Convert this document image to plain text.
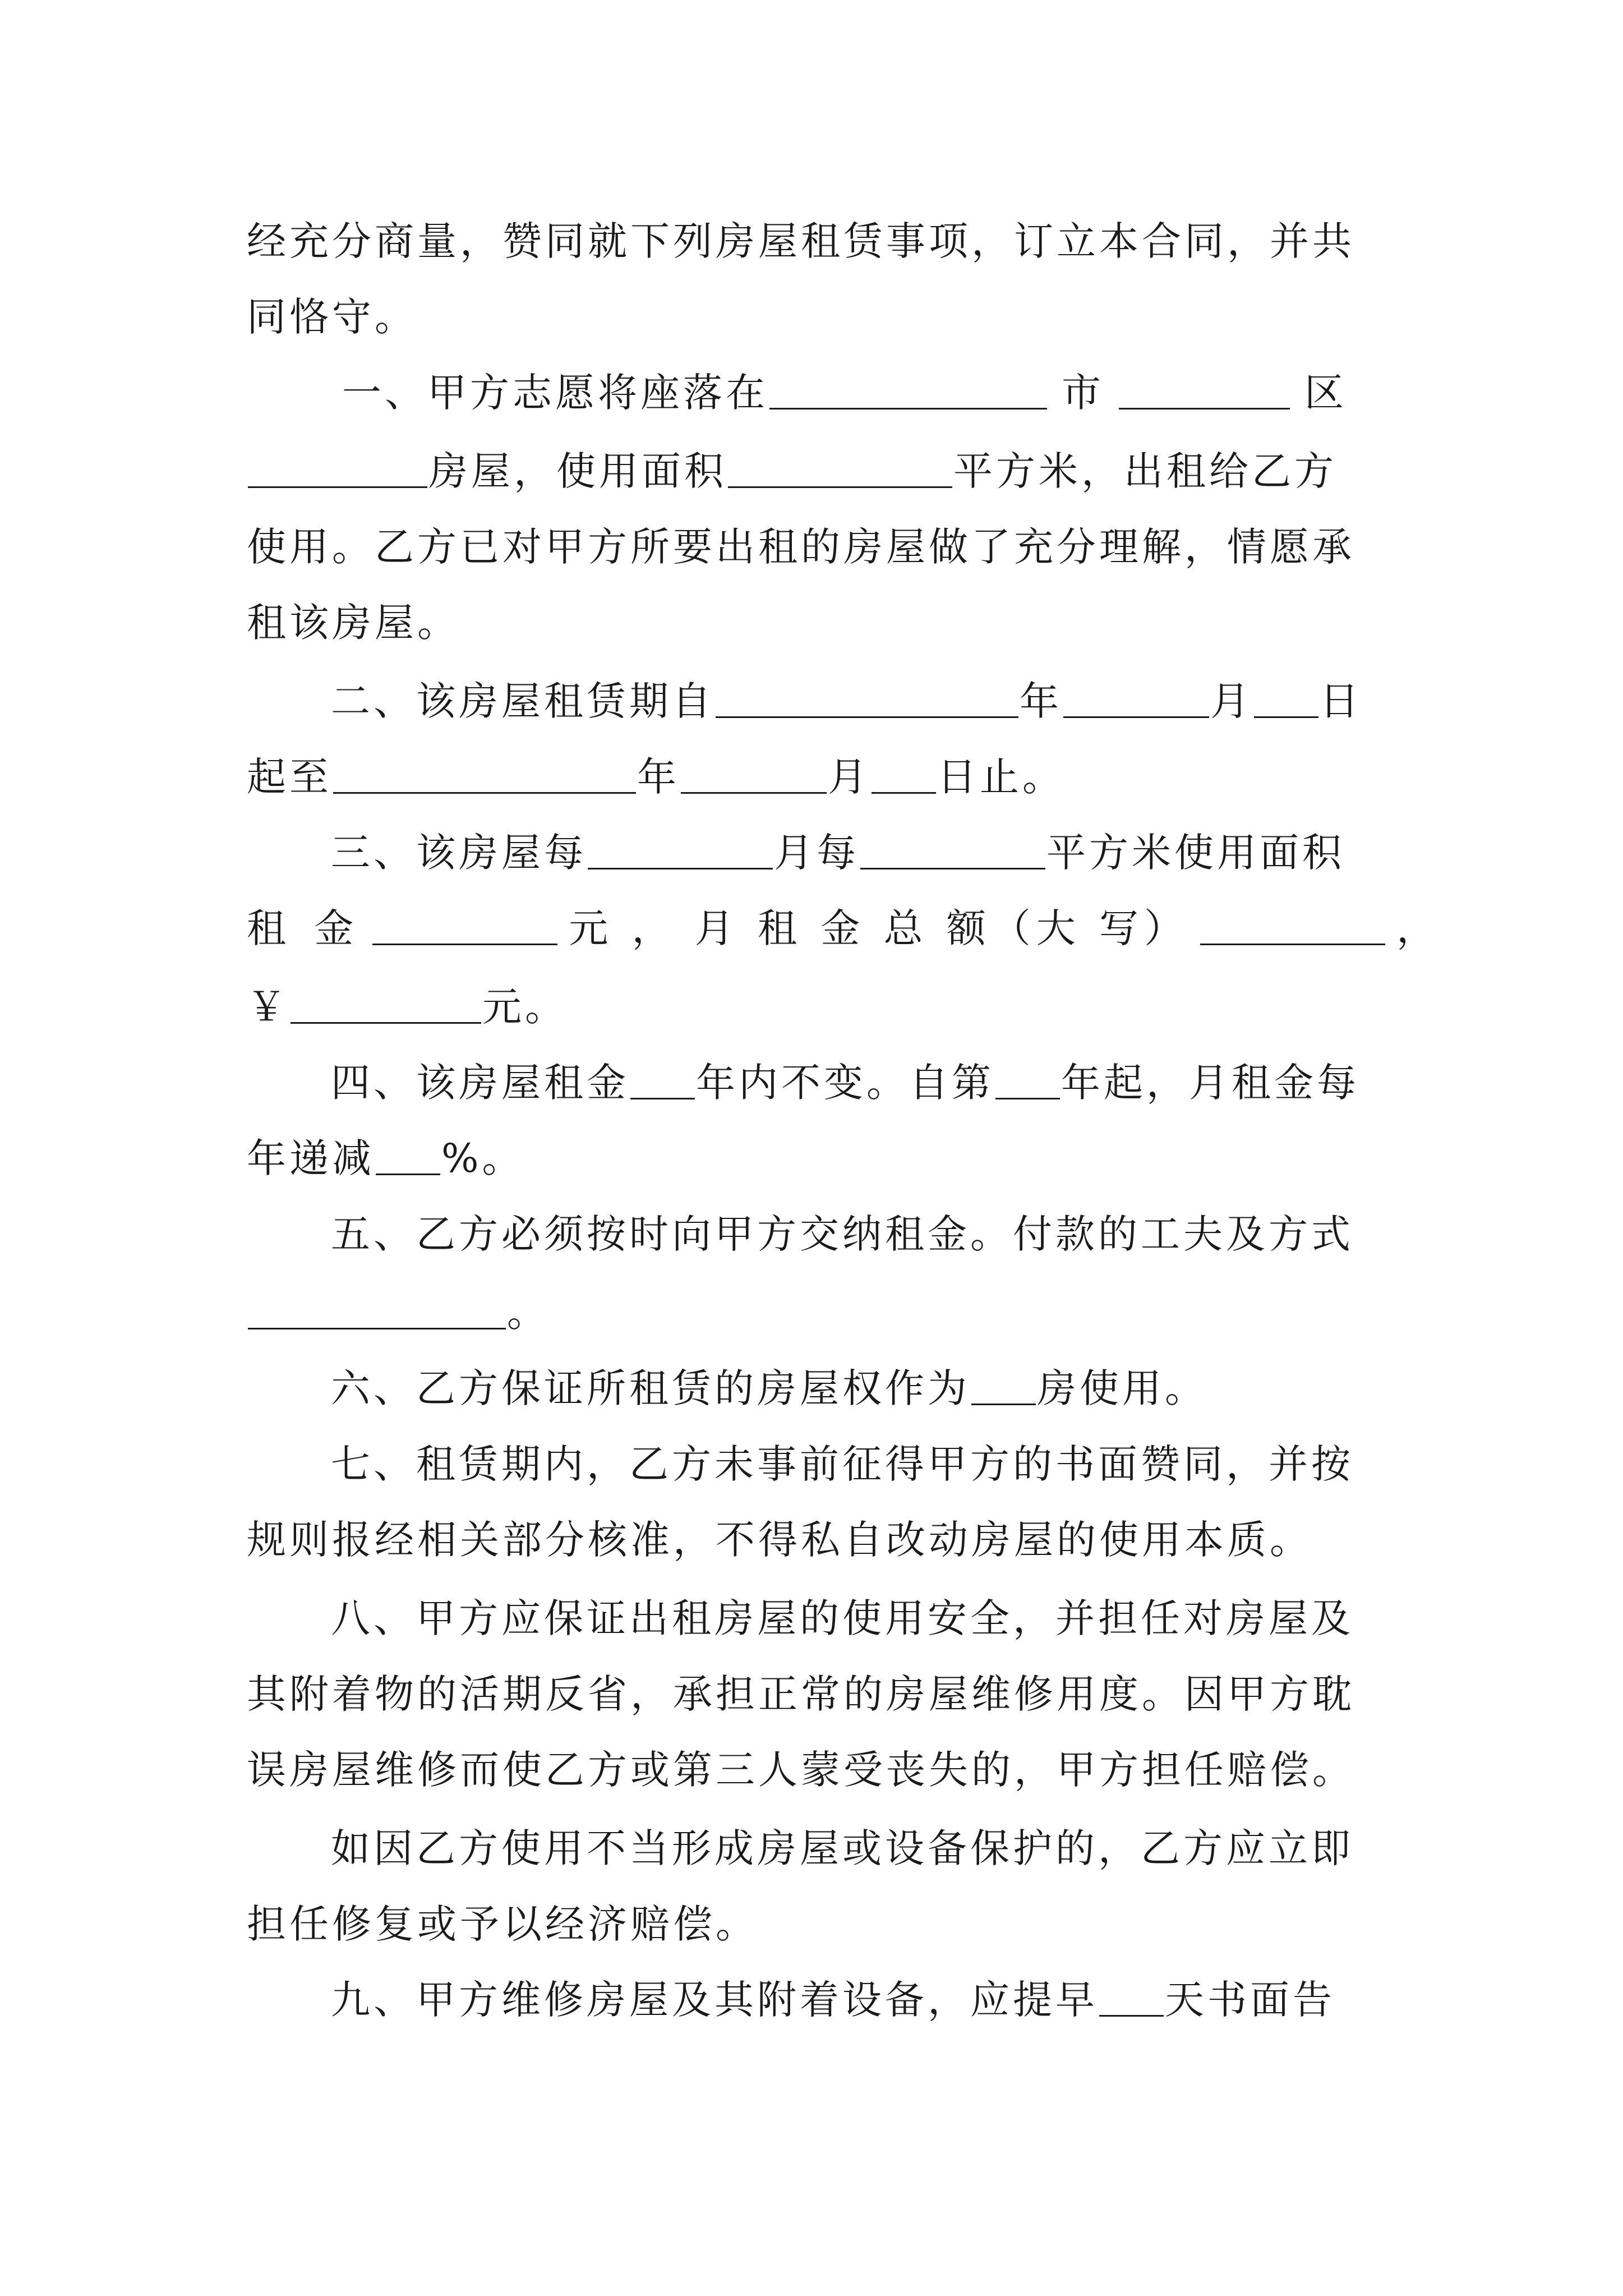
经充分商量，赞同就下列房屋租赁事项，订立本合同，并共
同恪守。
一、甲方志愿将座落在	市	区
房屋，使用面积	平方米，出租给乙方
使用。乙方已对甲方所要出租的房屋做了充分理解，情愿承
租该房屋。
二、该房屋租赁期自	年	月 日
起至	年	月 日止。
三、该房屋每	月每	平方米使用面积
租 金	元 ， 月 租 金 总 额（大 写）	，
￥	元。
四、该房屋租金 年内不变。自第 年起，月租金每
年递减 %。
五、乙方必须按时向甲方交纳租金。付款的工夫及方式
。
六、乙方保证所租赁的房屋权作为 房使用。
七、租赁期内，乙方未事前征得甲方的书面赞同，并按
规则报经相关部分核准，不得私自改动房屋的使用本质。
八、甲方应保证出租房屋的使用安全，并担任对房屋及
其附着物的活期反省，承担正常的房屋维修用度。因甲方耽
误房屋维修而使乙方或第三人蒙受丧失的，甲方担任赔偿。
如因乙方使用不当形成房屋或设备保护的，乙方应立即
担任修复或予以经济赔偿。
九、甲方维修房屋及其附着设备，应提早 天书面告
